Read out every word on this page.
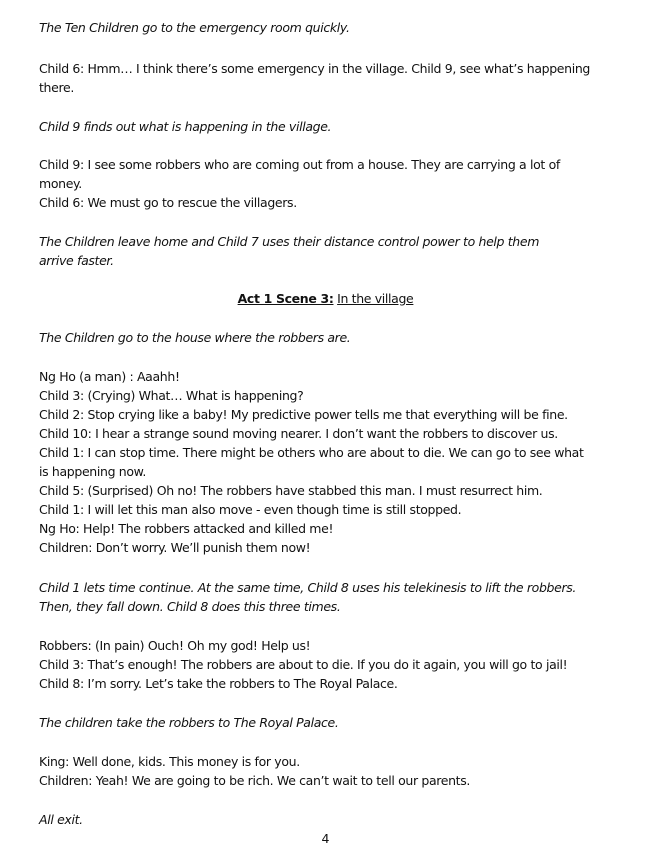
The Ten Children go to the emergency room quickly.
Child 6: Hmm… I think there’s some emergency in the village. Child 9, see what’s happening
there.
Child 9 finds out what is happening in the village.
Child 9: I see some robbers who are coming out from a house. They are carrying a lot of
money.
Child 6: We must go to rescue the villagers.
The Children leave home and Child 7 uses their distance control power to help them
arrive faster.
Act 1 Scene 3: In the village
The Children go to the house where the robbers are.
Ng Ho (a man) : Aaahh!
Child 3: (Crying) What… What is happening?
Child 2: Stop crying like a baby! My predictive power tells me that everything will be fine.
Child 10: I hear a strange sound moving nearer. I don’t want the robbers to discover us.
Child 1: I can stop time. There might be others who are about to die. We can go to see what
is happening now.
Child 5: (Surprised) Oh no! The robbers have stabbed this man. I must resurrect him.
Child 1: I will let this man also move - even though time is still stopped.
Ng Ho: Help! The robbers attacked and killed me!
Children: Don’t worry. We’ll punish them now!
Child 1 lets time continue. At the same time, Child 8 uses his telekinesis to lift the robbers.
Then, they fall down. Child 8 does this three times.
Robbers: (In pain) Ouch! Oh my god! Help us!
Child 3: That’s enough! The robbers are about to die. If you do it again, you will go to jail!
Child 8: I’m sorry. Let’s take the robbers to The Royal Palace.
The children take the robbers to The Royal Palace.
King: Well done, kids. This money is for you.
Children: Yeah! We are going to be rich. We can’t wait to tell our parents.
All exit.
4
